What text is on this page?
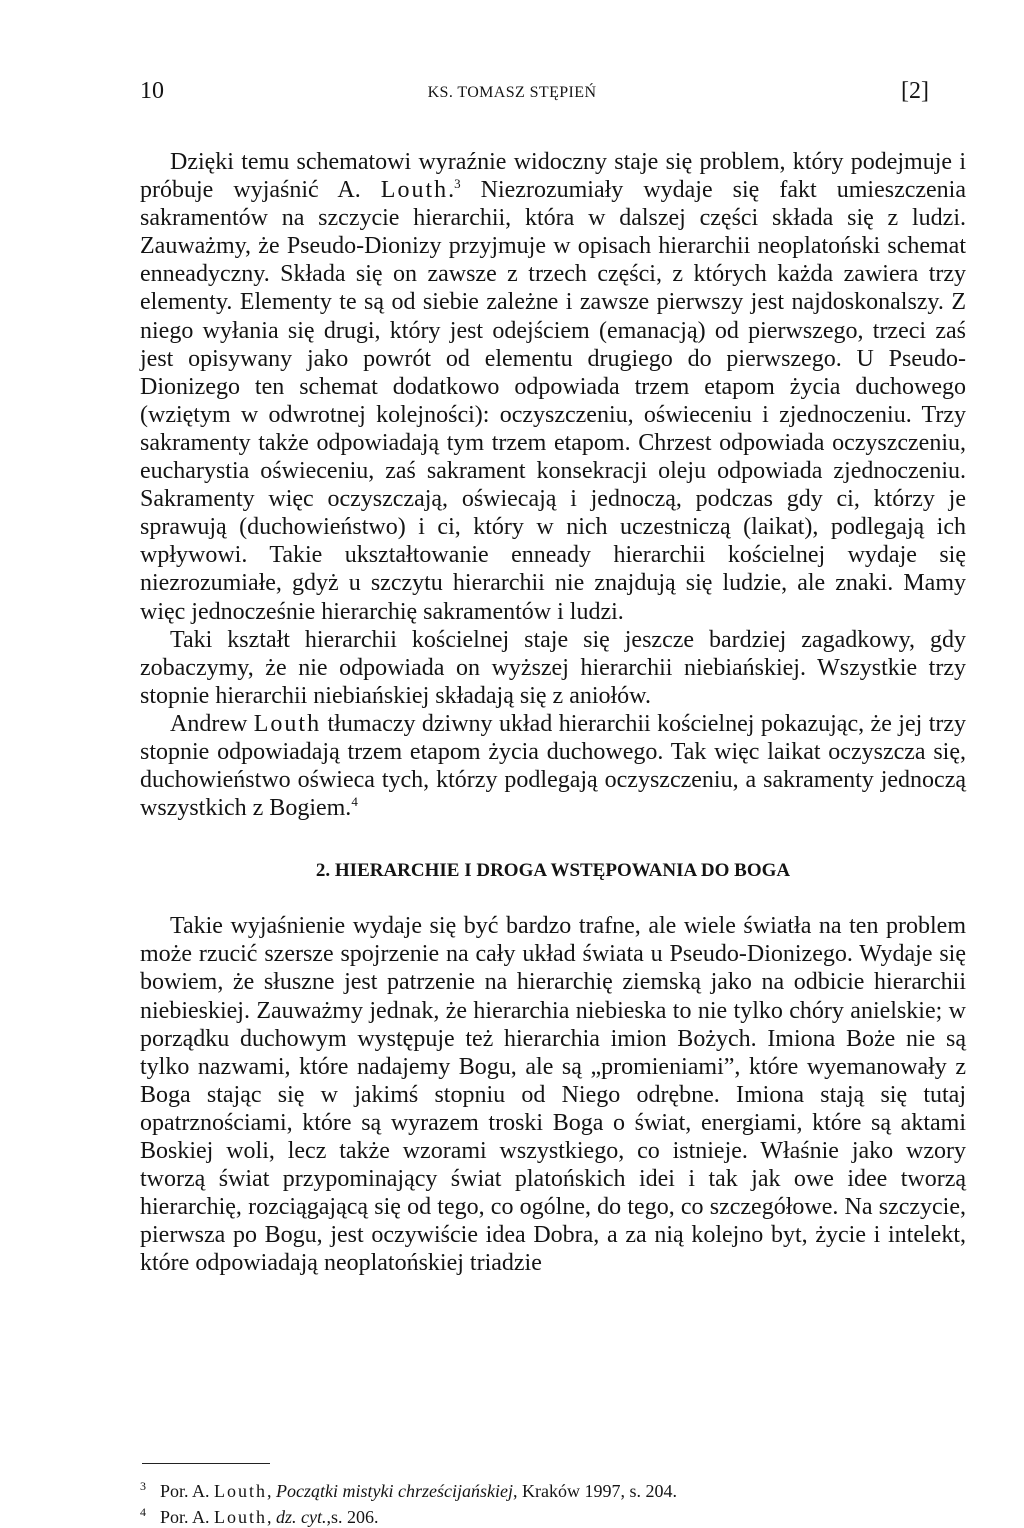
10	KS. TOMASZ STĘPIEŃ	[2]

Dzięki temu schematowi wyraźnie widoczny staje się problem, który podejmuje i próbuje wyjaśnić A. Louth.$^3$ Niezrozumiały wydaje się fakt umieszczenia sakramentów na szczycie hierarchii, która w dalszej części składa się z ludzi. Zauważmy, że Pseudo-Dionizy przyjmuje w opisach hierarchii neoplatoński schemat enneadyczny. Składa się on zawsze z trzech części, z których każda zawiera trzy elementy. Elementy te są od siebie zależne i zawsze pierwszy jest najdoskonalszy. Z niego wyłania się drugi, który jest odejściem (emanacją) od pierwszego, trzeci zaś jest opisywany jako powrót od elementu drugiego do pierwszego. U Pseudo-Dionizego ten schemat dodatkowo odpowiada trzem etapom życia duchowego (wziętym w odwrotnej kolejności): oczyszczeniu, oświeceniu i zjednoczeniu. Trzy sakramenty także odpowiadają tym trzem etapom. Chrzest odpowiada oczyszczeniu, eucharystia oświeceniu, zaś sakrament konsekracji oleju odpowiada zjednoczeniu. Sakramenty więc oczyszczają, oświecają i jednoczą, podczas gdy ci, którzy je sprawują (duchowieństwo) i ci, który w nich uczestniczą (laikat), podlegają ich wpływowi. Takie ukształtowanie enneady hierarchii kościelnej wydaje się niezrozumiałe, gdyż u szczytu hierarchii nie znajdują się ludzie, ale znaki. Mamy więc jednocześnie hierarchię sakramentów i ludzi.

Taki kształt hierarchii kościelnej staje się jeszcze bardziej zagadkowy, gdy zobaczymy, że nie odpowiada on wyższej hierarchii niebiańskiej. Wszystkie trzy stopnie hierarchii niebiańskiej składają się z aniołów.

Andrew Louth tłumaczy dziwny układ hierarchii kościelnej pokazując, że jej trzy stopnie odpowiadają trzem etapom życia duchowego. Tak więc laikat oczyszcza się, duchowieństwo oświeca tych, którzy podlegają oczyszczeniu, a sakramenty jednoczą wszystkich z Bogiem.$^4$

2. HIERARCHIE I DROGA WSTĘPOWANIA DO BOGA

Takie wyjaśnienie wydaje się być bardzo trafne, ale wiele światła na ten problem może rzucić szersze spojrzenie na cały układ świata u Pseudo-Dionizego. Wydaje się bowiem, że słuszne jest patrzenie na hierarchię ziemską jako na odbicie hierarchii niebieskiej. Zauważmy jednak, że hierarchia niebieska to nie tylko chóry anielskie; w porządku duchowym występuje też hierarchia imion Bożych. Imiona Boże nie są tylko nazwami, które nadajemy Bogu, ale są „promieniami”, które wyemanowały z Boga stając się w jakimś stopniu od Niego odrębne. Imiona stają się tutaj opatrznościami, które są wyrazem troski Boga o świat, energiami, które są aktami Boskiej woli, lecz także wzorami wszystkiego, co istnieje. Właśnie jako wzory tworzą świat przypominający świat platońskich idei i tak jak owe idee tworzą hierarchię, rozciągającą się od tego, co ogólne, do tego, co szczegółowe. Na szczycie, pierwsza po Bogu, jest oczywiście idea Dobra, a za nią kolejno byt, życie i intelekt, które odpowiadają neoplatońskiej triadzie

3 Por. A. Louth, Początki mistyki chrześcijańskiej, Kraków 1997, s. 204.

4 Por. A. Louth, dz. cyt.,s. 206.
